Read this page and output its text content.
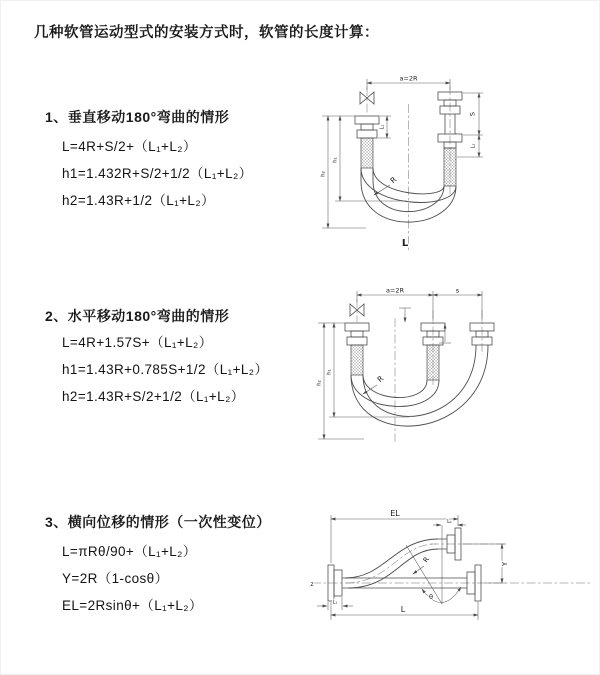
几种软管运动型式的安装方式时，软管的长度计算：
1、垂直移动180°弯曲的情形
L=4R+S/2+（L₁+L₂）
h1=1.432R+S/2+1/2（L₁+L₂）
h2=1.43R+1/2（L₁+L₂）
2、水平移动180°弯曲的情形
L=4R+1.57S+（L₁+L₂）
h1=1.43R+0.785S+1/2（L₁+L₂）
h2=1.43R+S/2+1/2（L₁+L₂）
3、横向位移的情形（一次性变位）
L=πRθ/90+（L₁+L₂）
Y=2R（1-cosθ）
EL=2Rsinθ+（L₁+L₂）
a=2R
S
L₁
L₁
h₁
h₂
R
L
a=2R	s
h₁
h₂	R
EL
L₁
Y
θ
L
L₁
z
R
